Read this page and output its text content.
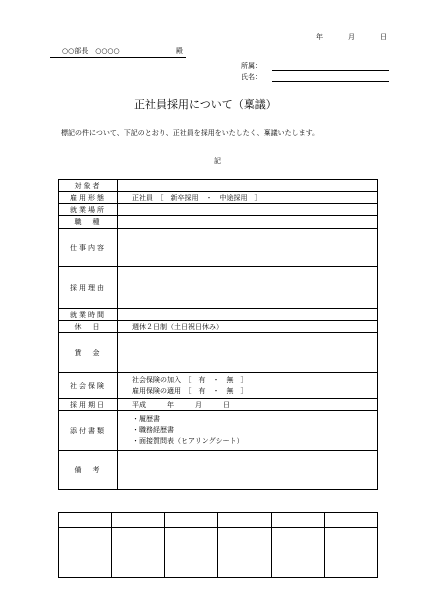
年	月	日
○○部長　○○○○	殿
所属：
氏名：
正社員採用について（稟議）
標記の件について、下記のとおり、正社員を採用をいたしたく、稟議いたします。
記
対象者	
雇用形態	正社員　［　新卒採用　・　中途採用　］
就業場所	
職　種	
仕事内容	
採用理由	
就業時間	
休　日	週休２日制（土日祝日休み）
賃　金	
社会保険	社会保険の加入　［　有　・　無　］
雇用保険の適用　［　有　・　無　］

採用期日	平成　　　年　　　月　　　日
添付書類	・履歴書
・職務経歴書
・面接質問表（ヒアリングシート）

備　考	
